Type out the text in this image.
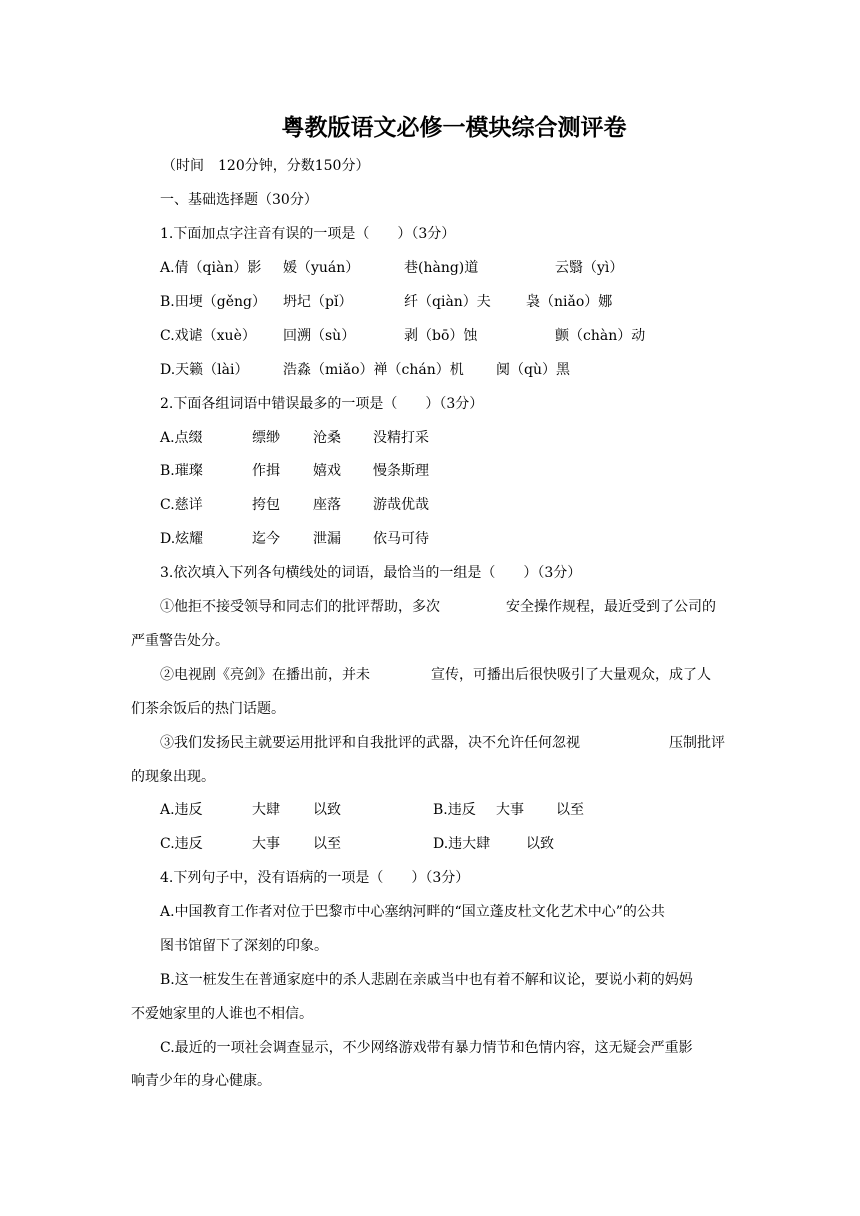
粤教版语文必修一模块综合测评卷
（时间　120分钟，分数150分）
一、基础选择题（30分）
1.下面加点字注音有误的一项是（　　）（3分）
A.倩（qiàn）影 媛（yuán）	巷(hàng)道	云翳（yì）
B.田埂（gěng） 坍圮（pǐ）	纤（qiàn）夫	袅（niǎo）娜
C.戏谑（xuè） 回溯（sù）	剥（bō）蚀	颤（chàn）动
D.天籁（lài） 浩淼（miǎo）禅（chán）机 阒（qù）黑
2.下面各组词语中错误最多的一项是（　　）（3分）
A.点缀	缥缈 沧桑 没精打采
B.璀璨	作揖 嬉戏 慢条斯理
C.慈详	挎包 座落 游哉优哉
D.炫耀	迄今 泄漏 依马可待
3.依次填入下列各句横线处的词语，最恰当的一组是（　　）（3分）
①他拒不接受领导和同志们的批评帮助，多次	安全操作规程，最近受到了公司的
严重警告处分。
②电视剧《亮剑》在播出前，并未	宣传，可播出后很快吸引了大量观众，成了人
们茶余饭后的热门话题。
③我们发扬民主就要运用批评和自我批评的武器，决不允许任何忽视	压制批评
的现象出现。
A.违反	大肆 以致	B.违反 大事 以至
C.违反	大事 以至	D.违大肆	以致
4.下列句子中，没有语病的一项是（　　）（3分）
A.中国教育工作者对位于巴黎市中心塞纳河畔的“国立蓬皮杜文化艺术中心”的公共
图书馆留下了深刻的印象。
B.这一桩发生在普通家庭中的杀人悲剧在亲戚当中也有着不解和议论，要说小莉的妈妈
不爱她家里的人谁也不相信。
C.最近的一项社会调查显示，不少网络游戏带有暴力情节和色情内容，这无疑会严重影
响青少年的身心健康。
